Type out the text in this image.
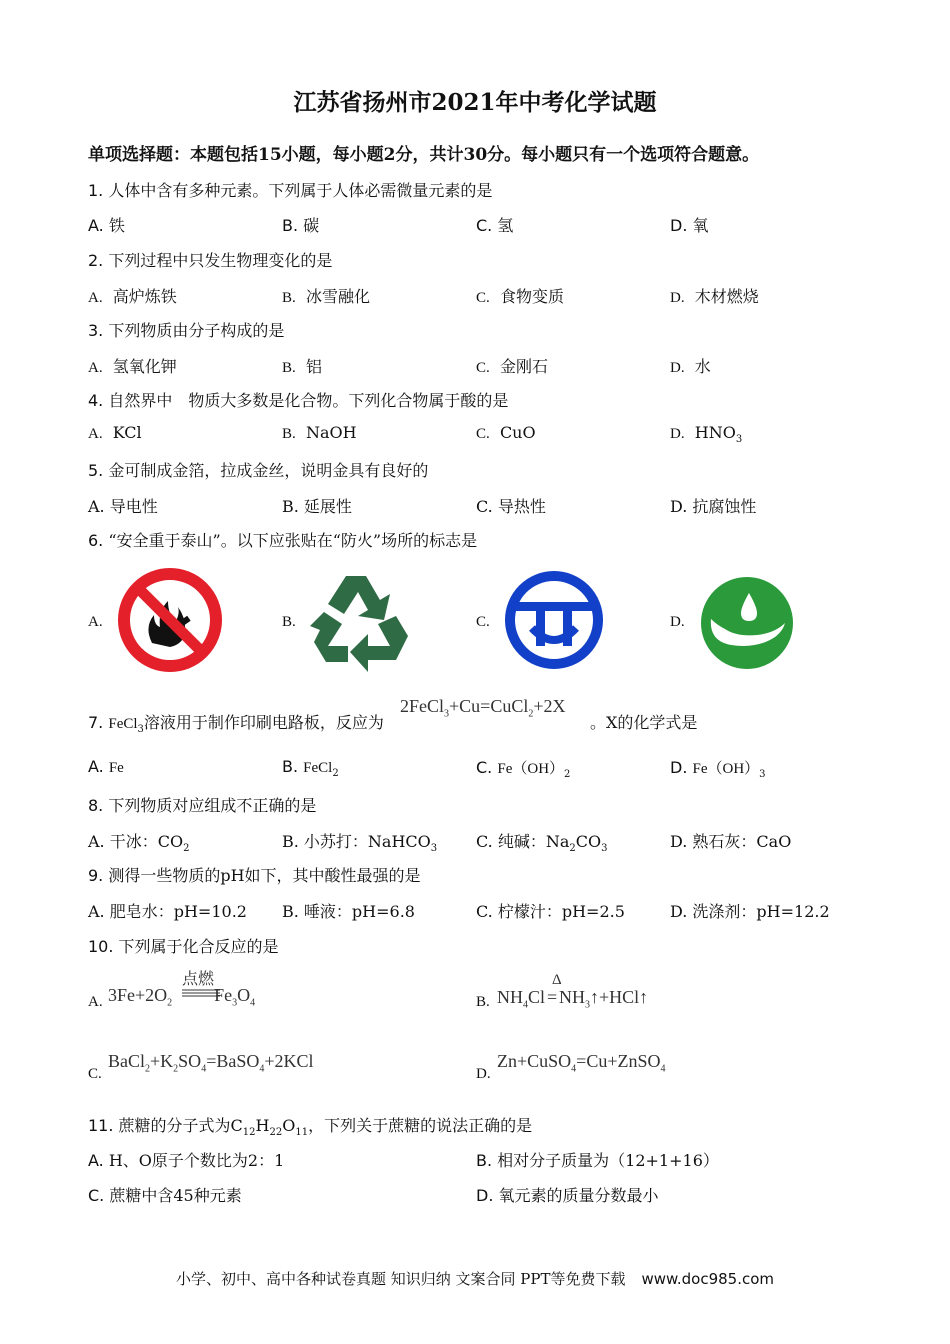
江苏省扬州市2021年中考化学试题
单项选择题：本题包括15小题，每小题2分，共计30分。每小题只有一个选项符合题意。
1. 人体中含有多种元素。下列属于人体必需微量元素的是
A. 铁	B. 碳	C. 氢	D. 氧
2. 下列过程中只发生物理变化的是
A. 高炉炼铁	B. 冰雪融化	C. 食物变质	D. 木材燃烧
3. 下列物质由分子构成的是
A. 氢氧化钾	B. 铝	C. 金刚石	D. 水
4. 自然界中　物质大多数是化合物。下列化合物属于酸的是
A. KCl	B. NaOH	C. CuO	D. $HNO_3$
5. 金可制成金箔，拉成金丝，说明金具有良好的
A. 导电性	B. 延展性	C. 导热性	D. 抗腐蚀性
6. “安全重于泰山”。以下应张贴在“防火”场所的标志是
A.	B.	C.	D.
7. FeCl$_3$溶液用于制作印刷电路板，反应为
2FeCl$_3$+Cu=CuCl$_2$+2X
。X的化学式是
A. Fe	B. FeCl$_2$	C. $Fe(OH)_2$	D. $Fe(OH)_3$
8. 下列物质对应组成不正确的是
A. 干冰：$CO_2$	B. 小苏打：NaHCO$_3$ C. 纯碱：$Na_2CO_3$	D. 熟石灰：CaO
9. 测得一些物质的pH如下，其中酸性最强的是
A. 肥皂水：pH=10.2 B. 唾液：pH=6.8	C. 柠檬汁：pH=2.5	D. 洗涤剂：pH=12.2
10. 下列属于化合反应的是
A. $3Fe+2O_2$ $Fe_3O_4$
点燃
B. $NH_4Cl$ = $NH_3↑+HCl↑$
Δ
C.
$BaCl_2+K_2SO_4=BaSO_4+2KCl$
D.
Zn+CuSO$_4$=Cu+ZnSO$_4$
11. 蔗糖的分子式为$C_{12}H_{22}O_{11}$，下列关于蔗糖的说法正确的是
A. H、O原子个数比为2：1	B. 相对分子质量为（12+1+16）
C. 蔗糖中含45种元素	D. 氧元素的质量分数最小
小学、初中、高中各种试卷真题 知识归纳 文案合同 PPT等免费下载 www.doc985.com
